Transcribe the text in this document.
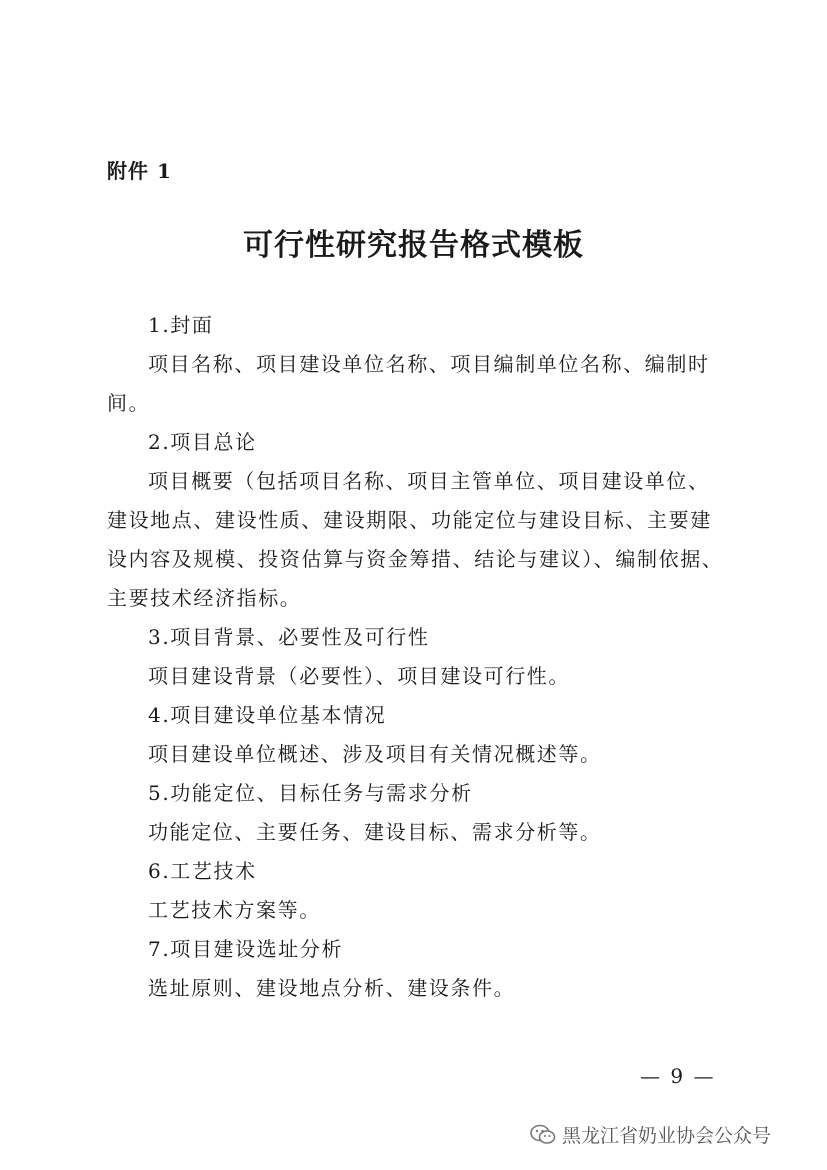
附件 1
可行性研究报告格式模板

1.封面

项目名称、项目建设单位名称、项目编制单位名称、编制时间。

2.项目总论

项目概要（包括项目名称、项目主管单位、项目建设单位、建设地点、建设性质、建设期限、功能定位与建设目标、主要建设内容及规模、投资估算与资金筹措、结论与建议）、编制依据、主要技术经济指标。

3.项目背景、必要性及可行性

项目建设背景（必要性）、项目建设可行性。

4.项目建设单位基本情况

项目建设单位概述、涉及项目有关情况概述等。

5.功能定位、目标任务与需求分析

功能定位、主要任务、建设目标、需求分析等。

6.工艺技术

工艺技术方案等。

7.项目建设选址分析

选址原则、建设地点分析、建设条件。

— 9 —
黑龙江省奶业协会公众号
